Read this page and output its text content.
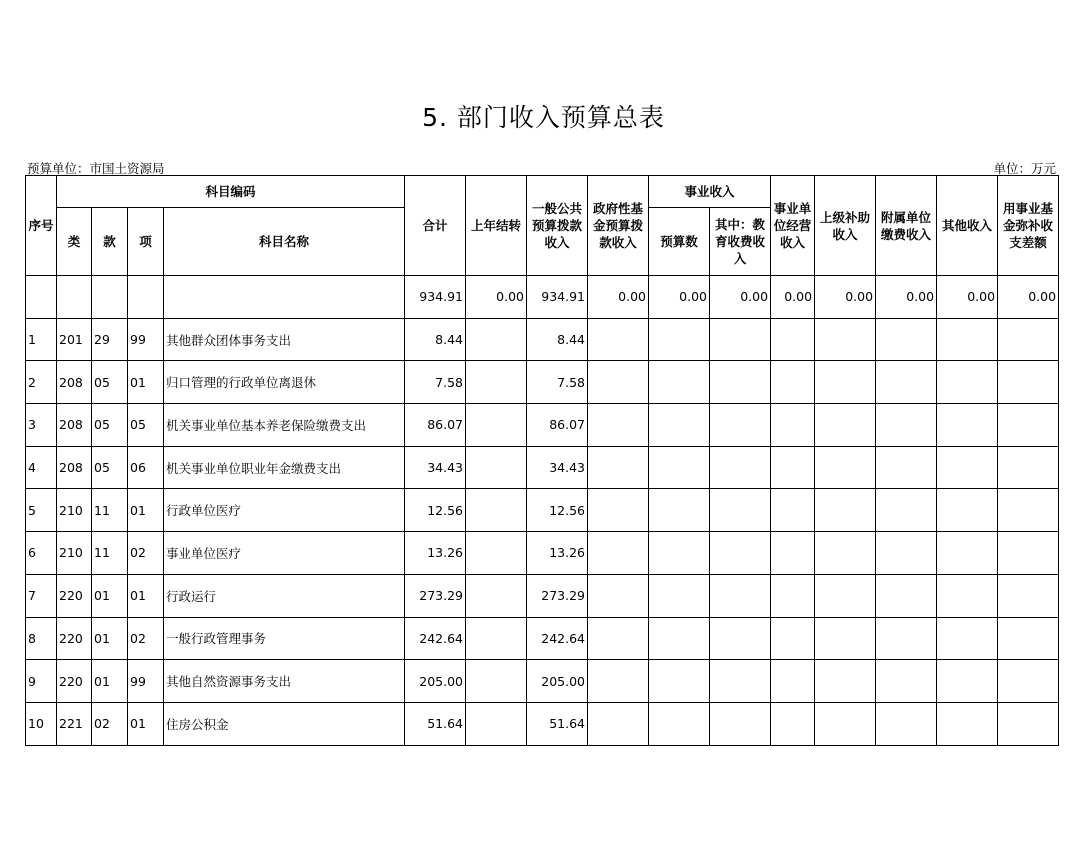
5. 部门收入预算总表
预算单位：市国土资源局	单位：万元
序号	科目编码				合计	上年结转	一般公共预算拨款收入	政府性基金预算拨款收入	事业收入		事业单位经营收入	上级补助收入	附属单位缴费收入	其他收入	用事业基金弥补收支差额
	类	款	项	科目名称					预算数	其中：教育收费收入					
					934.91	0.00	934.91	0.00	0.00	0.00	0.00	0.00	0.00	0.00	0.00
1	201	29	99	其他群众团体事务支出	8.44		8.44								
2	208	05	01	归口管理的行政单位离退休	7.58		7.58								
3	208	05	05	机关事业单位基本养老保险缴费支出	86.07		86.07								
4	208	05	06	机关事业单位职业年金缴费支出	34.43		34.43								
5	210	11	01	行政单位医疗	12.56		12.56								
6	210	11	02	事业单位医疗	13.26		13.26								
7	220	01	01	行政运行	273.29		273.29								
8	220	01	02	一般行政管理事务	242.64		242.64								
9	220	01	99	其他自然资源事务支出	205.00		205.00								
10	221	02	01	住房公积金	51.64		51.64								
